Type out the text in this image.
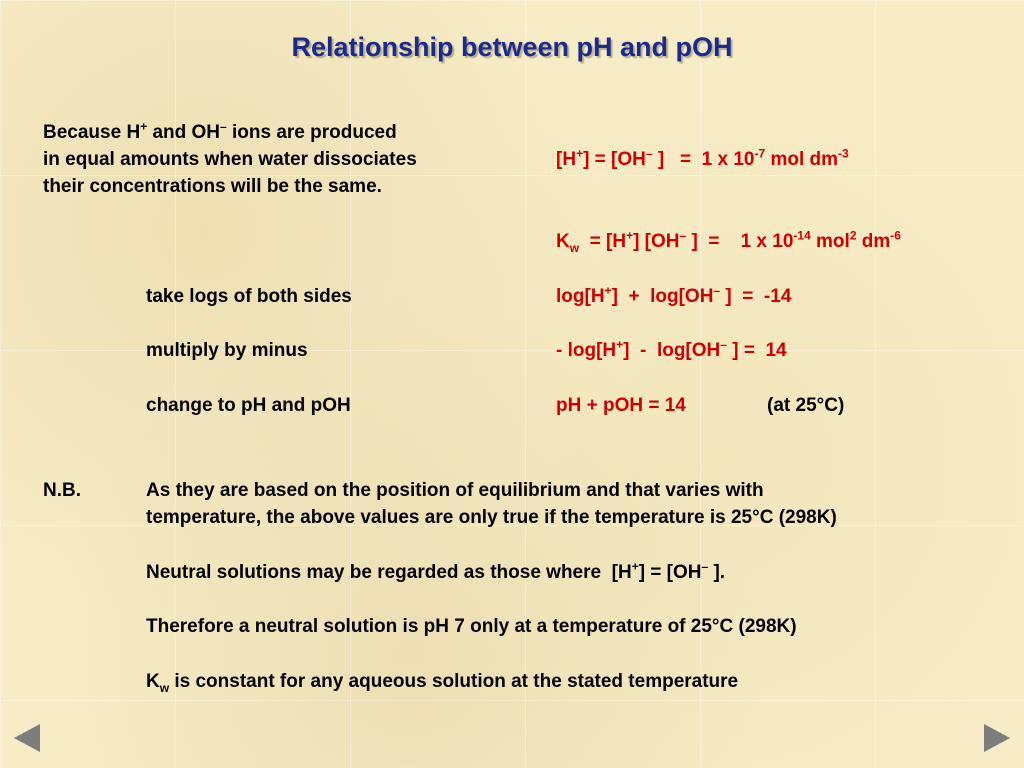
Relationship between pH and pOH
Because H+ and OH– ions are produced
in equal amounts when water dissociates
their concentrations will be the same.
[H+] = [OH– ]   =  1 x $10^{-7}$ mol $dm^{-3}$
$K_w = [H^+]$ [OH– ]  =    1 x $10^{-14}$ mol$^2$ $dm^{-6}$
take logs of both sides	log[H+]  +  log[OH– ]  =  -14
multiply by minus	- log[H+]  -  log[OH– ] =  14
change to pH and pOH	pH + pOH = 14	(at 25°C)
N.B.	As they are based on the position of equilibrium and that varies with
temperature, the above values are only true if the temperature is 25°C (298K)
Neutral solutions may be regarded as those where  [H+] = [OH– ].
Therefore a neutral solution is pH 7 only at a temperature of 25°C (298K)
$K_w$ is constant for any aqueous solution at the stated temperature
